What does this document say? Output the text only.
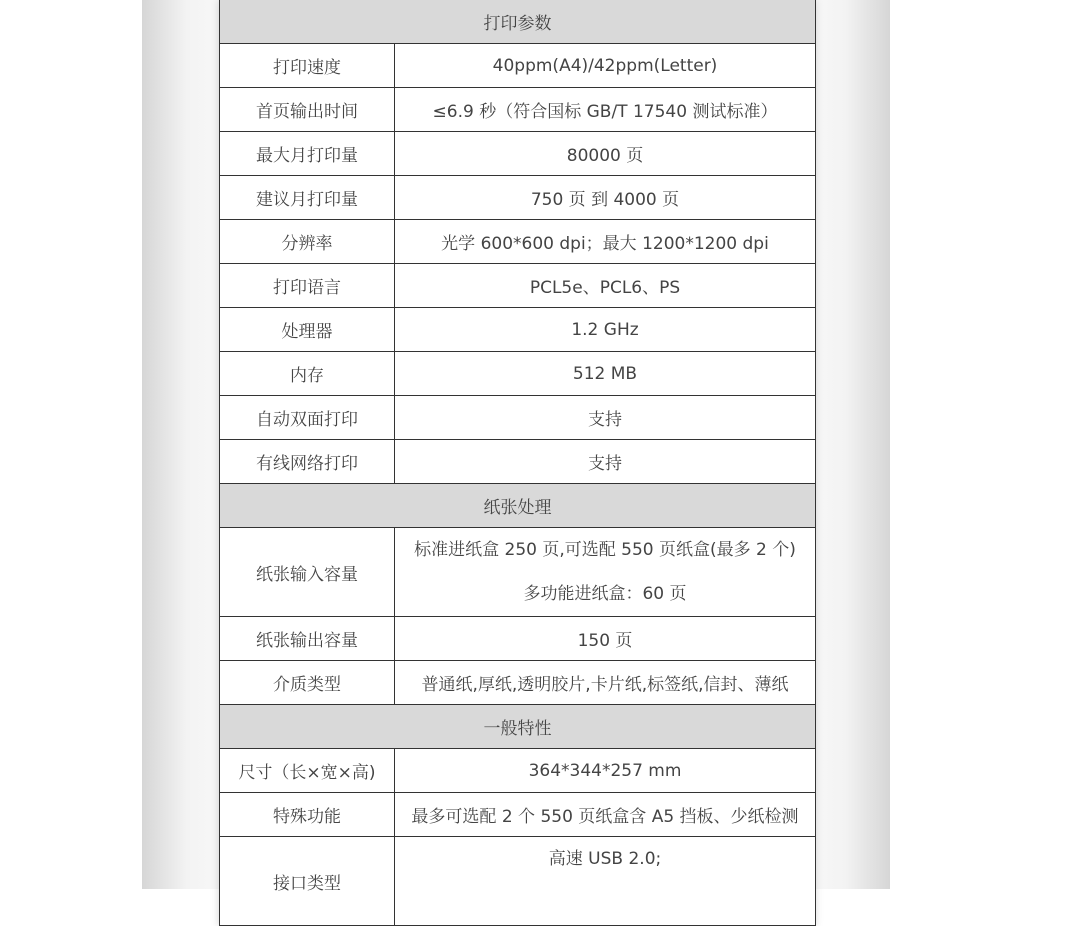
打印参数	
打印速度	40ppm(A4)/42ppm(Letter)
首页输出时间	≤6.9 秒（符合国标 GB/T 17540 测试标准）
最大月打印量	80000 页
建议月打印量	750 页 到 4000 页
分辨率	光学 600*600 dpi；最大 1200*1200 dpi
打印语言	PCL5e、PCL6、PS
处理器	1.2 GHz
内存	512 MB
自动双面打印	支持
有线网络打印	支持
纸张处理	
纸张输入容量	标准进纸盒 250 页,可选配 550 页纸盒(最多 2 个)
多功能进纸盒：60 页

纸张输出容量	150 页
介质类型	普通纸,厚纸,透明胶片,卡片纸,标签纸,信封、薄纸
一般特性	
尺寸（长×宽×高)	364*344*257 mm
特殊功能	最多可选配 2 个 550 页纸盒含 A5 挡板、少纸检测
接口类型	高速 USB 2.0;
